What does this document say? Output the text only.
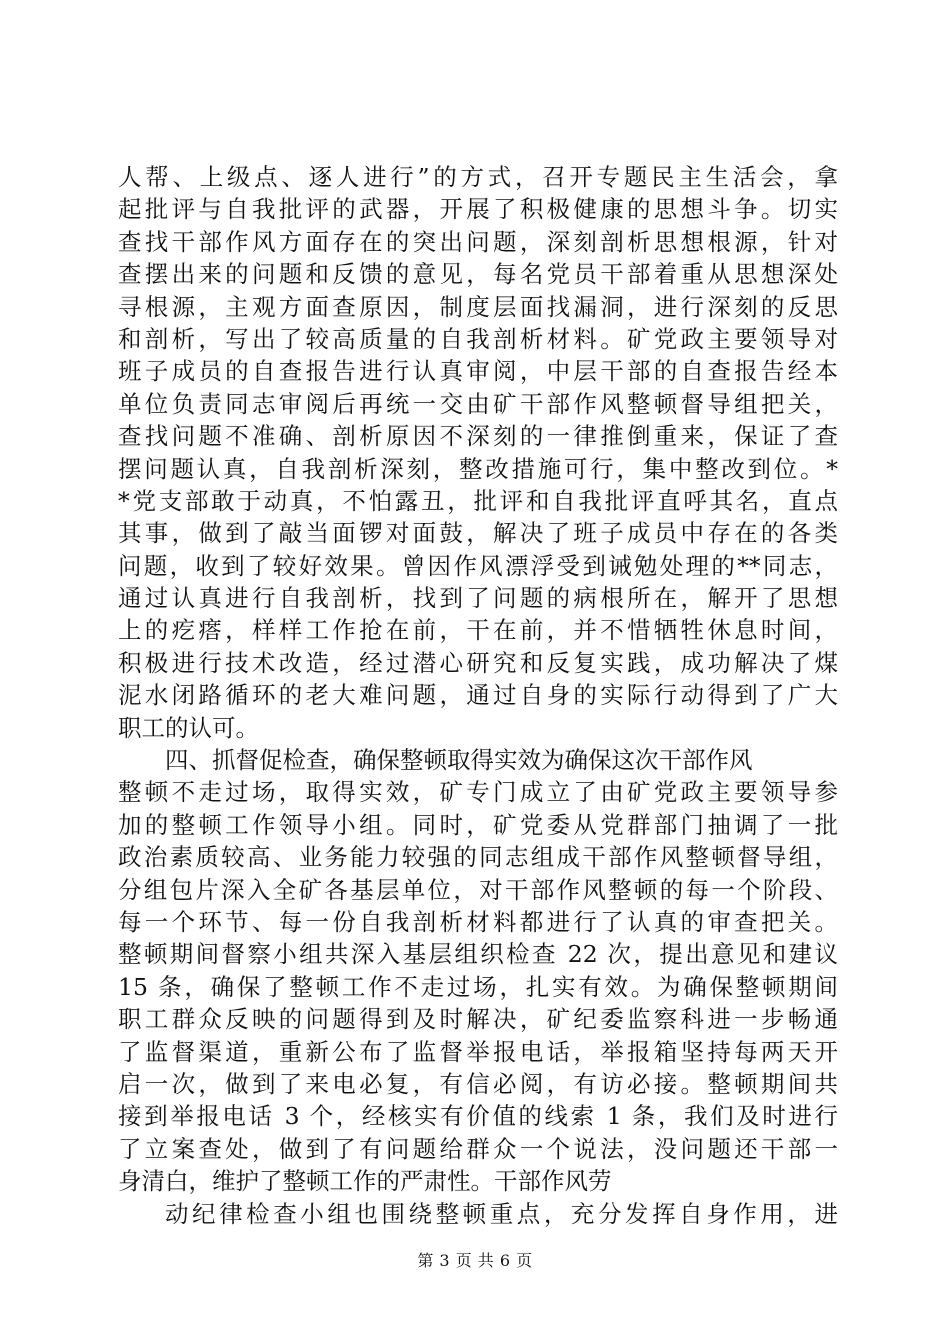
人帮、上级点、逐人进行”的方式，召开专题民主生活会，拿
起批评与自我批评的武器，开展了积极健康的思想斗争。切实
查找干部作风方面存在的突出问题，深刻剖析思想根源，针对
查摆出来的问题和反馈的意见，每名党员干部着重从思想深处
寻根源，主观方面查原因，制度层面找漏洞，进行深刻的反思
和剖析，写出了较高质量的自我剖析材料。矿党政主要领导对
班子成员的自查报告进行认真审阅，中层干部的自查报告经本
单位负责同志审阅后再统一交由矿干部作风整顿督导组把关，
查找问题不准确、剖析原因不深刻的一律推倒重来，保证了查
摆问题认真，自我剖析深刻，整改措施可行，集中整改到位。*
*党支部敢于动真，不怕露丑，批评和自我批评直呼其名，直点
其事，做到了敲当面锣对面鼓，解决了班子成员中存在的各类
问题，收到了较好效果。曾因作风漂浮受到诫勉处理的**同志，
通过认真进行自我剖析，找到了问题的病根所在，解开了思想
上的疙瘩，样样工作抢在前，干在前，并不惜牺牲休息时间，
积极进行技术改造，经过潜心研究和反复实践，成功解决了煤
泥水闭路循环的老大难问题，通过自身的实际行动得到了广大
职工的认可。
四、抓督促检查，确保整顿取得实效为确保这次干部作风
整顿不走过场，取得实效，矿专门成立了由矿党政主要领导参
加的整顿工作领导小组。同时，矿党委从党群部门抽调了一批
政治素质较高、业务能力较强的同志组成干部作风整顿督导组，
分组包片深入全矿各基层单位，对干部作风整顿的每一个阶段、
每一个环节、每一份自我剖析材料都进行了认真的审查把关。
整顿期间督察小组共深入基层组织检查 22 次，提出意见和建议
15 条，确保了整顿工作不走过场，扎实有效。为确保整顿期间
职工群众反映的问题得到及时解决，矿纪委监察科进一步畅通
了监督渠道，重新公布了监督举报电话，举报箱坚持每两天开
启一次，做到了来电必复，有信必阅，有访必接。整顿期间共
接到举报电话 3 个，经核实有价值的线索 1 条，我们及时进行
了立案查处，做到了有问题给群众一个说法，没问题还干部一
身清白，维护了整顿工作的严肃性。干部作风劳
动纪律检查小组也围绕整顿重点，充分发挥自身作用，进
第 3 页 共 6 页
